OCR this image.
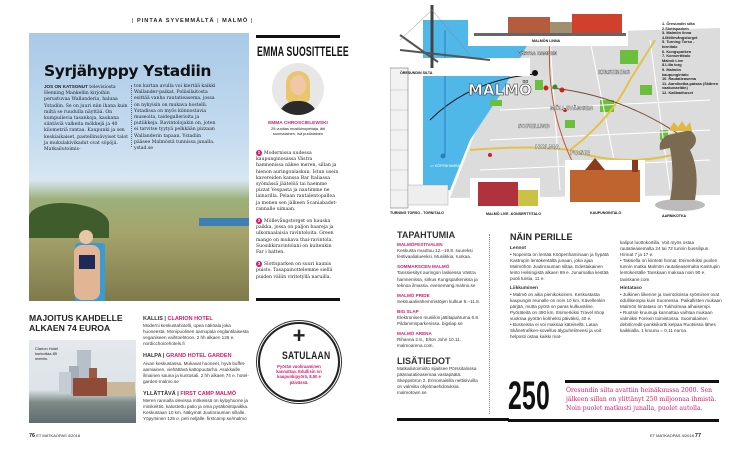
| PINTAA SYVEMMÄLTÄ | MALMÖ |
Syrjähyppy Ystadiin
JOS ON KATSONUT televisiosta Henning Mankellin kirjoihin perustuvaa Wallanderia, haluaa Ystadiin. Se on juuri niin ihana kuin miltä se ruudulla näyttää. On kumpuilevia tasankoja, kaukana siintäviä valkeita mökkejä ja 40 kilometriä rantaa. Kaupunki ja sen keskiaikaiset, pastellinsävyiset talot ja mukulakivikadut ovat söpöjä. Matkailutoimis-
ton kartan avulla voi kiertää kaikki Wallander-paikat. Poliisilaitosta esittää vanha rautatieasema, jossa on nykyisin on mukava hostelli. Ystadissa on myös kiinnostavia museoita, taidegallerioita ja putiikkeja. Ravintolojakin on, joten ei tarvitse tyytyä pelkkään pizzaan Wallanderin tapaan. Ystadiin pääsee Malmöstä tunnissa junalla. ystad.se
EMMA SUOSITTELEE
EMMA CHROSCIELEWSKI
29-vuotias musiikinopettaja, äiti suomalainen, isä puolalainen

1 Modernissa uudessa kaupunginosassa Västra hamnenissa näkee meren, sillan ja hienon auringonlaskun. Istun usein kavereiden kanssa Bar Italiassa syömässä jäätelöä tai haemme pizzat Vespasta ja nautimme ne lainarilla. Pelaan rantalentopalloa ja menen sen jälkeen Scaniabadet-rannalle uimaan.

2 Möllevångstorget on hauska paikka, jossa on paljon baareja ja ulkomaalaisia ravintoloita. Green mango on mukava thai-ravintola. Suosikkiravintolani on kuitenkin Far i hatten.

3 Slottsparken on suuri kaunis puisto. Tasapainottelemme siellä puiden väliin viritetyllä naruilla.

+
SATULAAN
Pyörän vuokraaminen kannattaa. Edullisin on kaupunkipyörä, 8,50 e päivässä.
MAJOITUS KAHDELLE ALKAEN 74 EUROA
Clarion Hotel kurkottaa 85 metriin.
KALLIS | CLARION HOTEL
Moderni keskustahotelli, upea näköala joka huoneesta. Monipuolinen aamupala englantilaisesta veganiseen vaihtoehtoon. 2 hh alkaen 126 e. nordicchoicehotels.fi
HALPA | GRAND HOTEL GARDEN
Aivan keskustassa. Mukavat huoneet, hyvä buffet-aamiainen, viehättävä kattopuutarha. Asukkaille ilmainen sauna ja kuntosali. 2 hh alkaen 74 e. hotel-garden-malmo.se
YLLÄTTÄVÄ | FIRST CAMP MALMÖ
Meren rannalla olevissa mökeissä on kylpyhuone ja minikeittiö, kalustettu patio ja oma pysäköintipaikka. Keskustaan 10 km. Näkymät Juutinrauman sillalle. Yöpyminen 125 e, peti neljälle. firstcamp.se/malmo
76 ET MATKAOPAS 4/2018
MALMÖN LINNA
ÖRESUNDIN SILTA
TURNING TORSO - TORNITALO	MALMÖ LIVE -KONSERTTITALO	KAUPUNGINTALO
AARNIKOTKA
MALMÖ
VÄSTRA HAMNEN
KIRSEBERG
MÖLLEVÅNGEN
SOFIELUND
HOLMA
FOSIE
<= KÖPENHAMINA
1. Öresundin silta
2.Slottsparken
3. Malmön linna
4.Möllevångstorget
5. Turning Torso -tornitalo
6. Kungsparken
7. Konserttitalo Malmö Live
8.Lilla torg
9. Malmön kaupungintalo
10. Rautatieasema
11. Aarnikotka-patsas (Skånen vaakunaeläin)
12. Kallbadhuset
TAPAHTUMIA
MALMÖFESTIVALEN
Keskusta muuttuu 12.–19.8. suureksi festivaalialueeksi. Musiikkia, ruokaa.
SOMMARSCEN MALMÖ
Tanssiesitys auringon laskiessa Västra hamnenissa, sirkus Kungsparkenissa ja teknoa ilmassa. evenemang.malmo.se
MALMÖ PRIDE
Seksuaalivähemmistöjen kulkue 5.–11.8.
BIG SLAP
Elektronisen musiikin jättitapahtuma 6.8. Pildammsparkenissa. bigslap.se
MALMÖ ARENA
Rihanna 2.8., Elton John 10.11. malmoarena.com.
LISÄTIEDOT
Matkailutoimisto sijaitsee Pörssitalossa päärautatieasemaa vastapäätä. Skeppsbron 2. Erinomaisilla nettisivuilla on valmiita ohjelmaehdotuksia. malmotown.se
NÄIN PERILLE
Lennot
• Nopeinta on lentää Kööpenhaminaan ja hypätä Kastrupin lentokentältä junaan, joka ajaa Malmöhön Juutinrauman siltaa. Edestakainen lento Helsingistä alkaen 69 e. Junamatka kestää puoli tuntia, 11 e.
Liikkuminen
• Malmö on aika pienikokoinen. Keskustasta kaupungin reunalle on noin 10 km. Kävellenkin pärjää, mutta pyörä on paras kulkuväline. Pyöräteitä on 490 km. Esimerkiksi Travel shop vuokraa pyörän kolmeksi päiväksi, 40 e.
• Busseissa ei voi maksaa käteisellä. Lataa Skånetrafiken-sovellus älypuhelimeesi ja voit helposti ostaa kaikki mat-
kaliput luottokortilla. Voit myös ostaa rautatieasemalta 24 tai 72 tunnin bussilipun. Hinnat 7 ja 17 e.
• Taksiella on kiinteät hinnat. Esimerkiksi puolen tunnin matka Malmön rautatieasemalta Kastrupin lentokentälle Tanskaan maksaa noin 90 e. taxiskane.com
Hintataso
• Julkinen liikenne ja ravintoloissa syöminen ovat edullisempia kuin Suomessa. Paikallisten mukaan Malmön hintataso on Tukholmaa alhaisempi.
• Ruotsin kruunuja kannattaa vaihtaa mukaan valmiiksi Forexin toimistossa. Suomalainen debit/credit-pankkikortti kelpaa Ruotsissa lähes kaikkialla. 1 kruunu = 0,11 euroa.
250	Öresundin silta avattiin heinäkuussa 2000. Sen jälkeen sillan on ylittänyt 250 miljoonaa ihmistä. Noin puolet matkusti junalla, puolet autolla.
ET MATKAOPAS 4/2018 77
